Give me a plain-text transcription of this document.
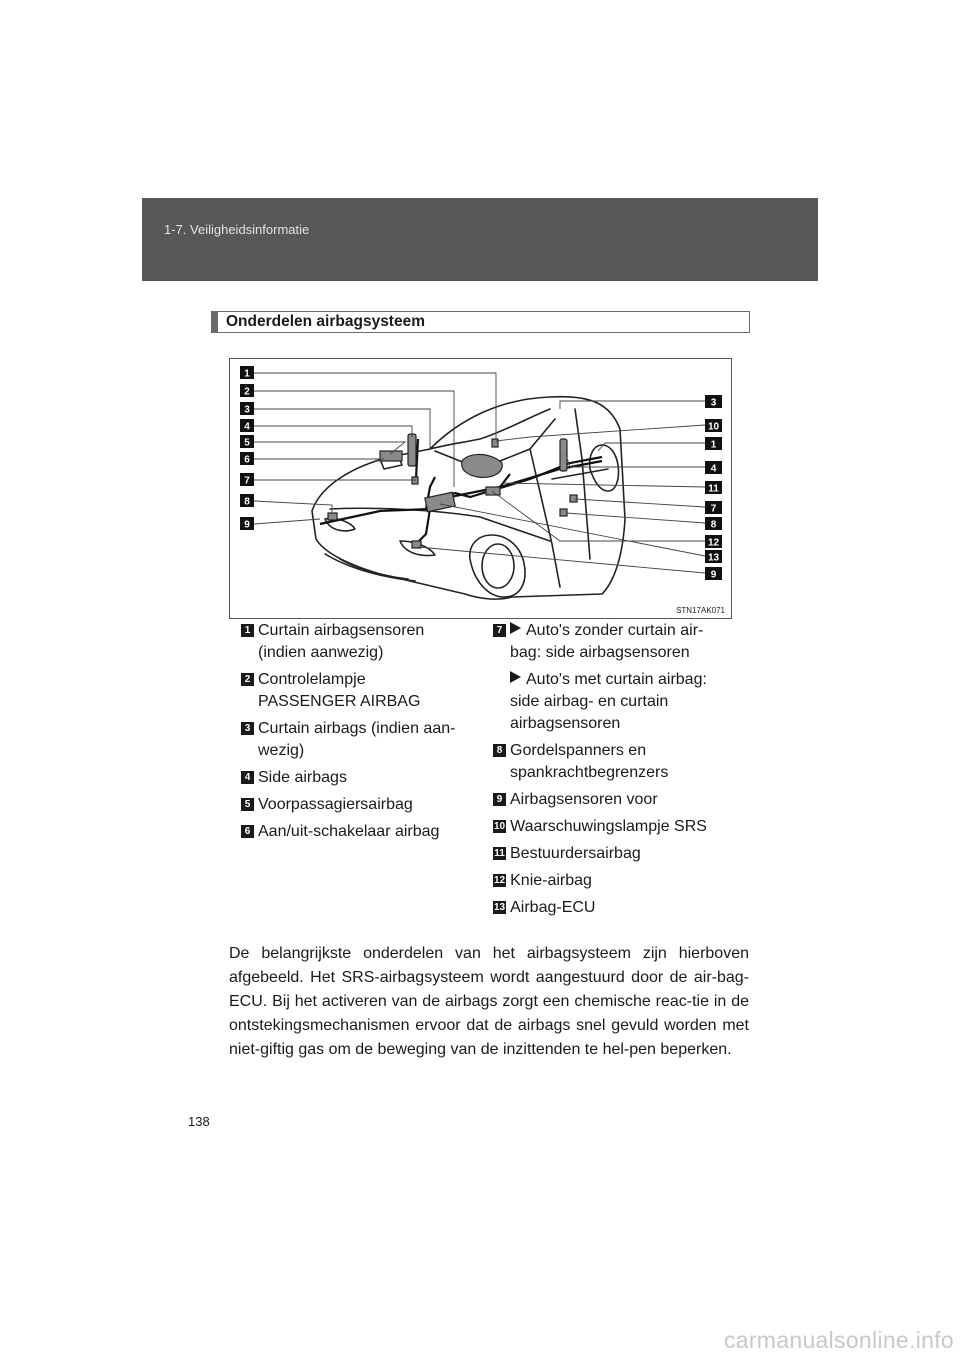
1-7. Veiligheidsinformatie
Onderdelen airbagsysteem
1
2
3
4
5
6
7
8
9
3
10
1
4
11
7
8
12
13
9
STN17AK071
1 Curtain airbagsensoren (indien aanwezig)
2 Controlelampje PASSENGER AIRBAG
3 Curtain airbags (indien aan-wezig)
4 Side airbags
5 Voorpassagiersairbag
6 Aan/uit-schakelaar airbag
7 Auto's zonder curtain air-bag: side airbagsensoren
Auto's met curtain airbag: side airbag- en curtain airbagsensoren
8 Gordelspanners en spankrachtbegrenzers
9 Airbagsensoren voor
10 Waarschuwingslampje SRS
11 Bestuurdersairbag
12 Knie-airbag
13 Airbag-ECU

De belangrijkste onderdelen van het airbagsysteem zijn hierboven afgebeeld. Het SRS-airbagsysteem wordt aangestuurd door de air-bag-ECU. Bij het activeren van de airbags zorgt een chemische reac-tie in de ontstekingsmechanismen ervoor dat de airbags snel gevuld worden met niet-giftig gas om de beweging van de inzittenden te hel-pen beperken.

138
carmanualsonline.info
